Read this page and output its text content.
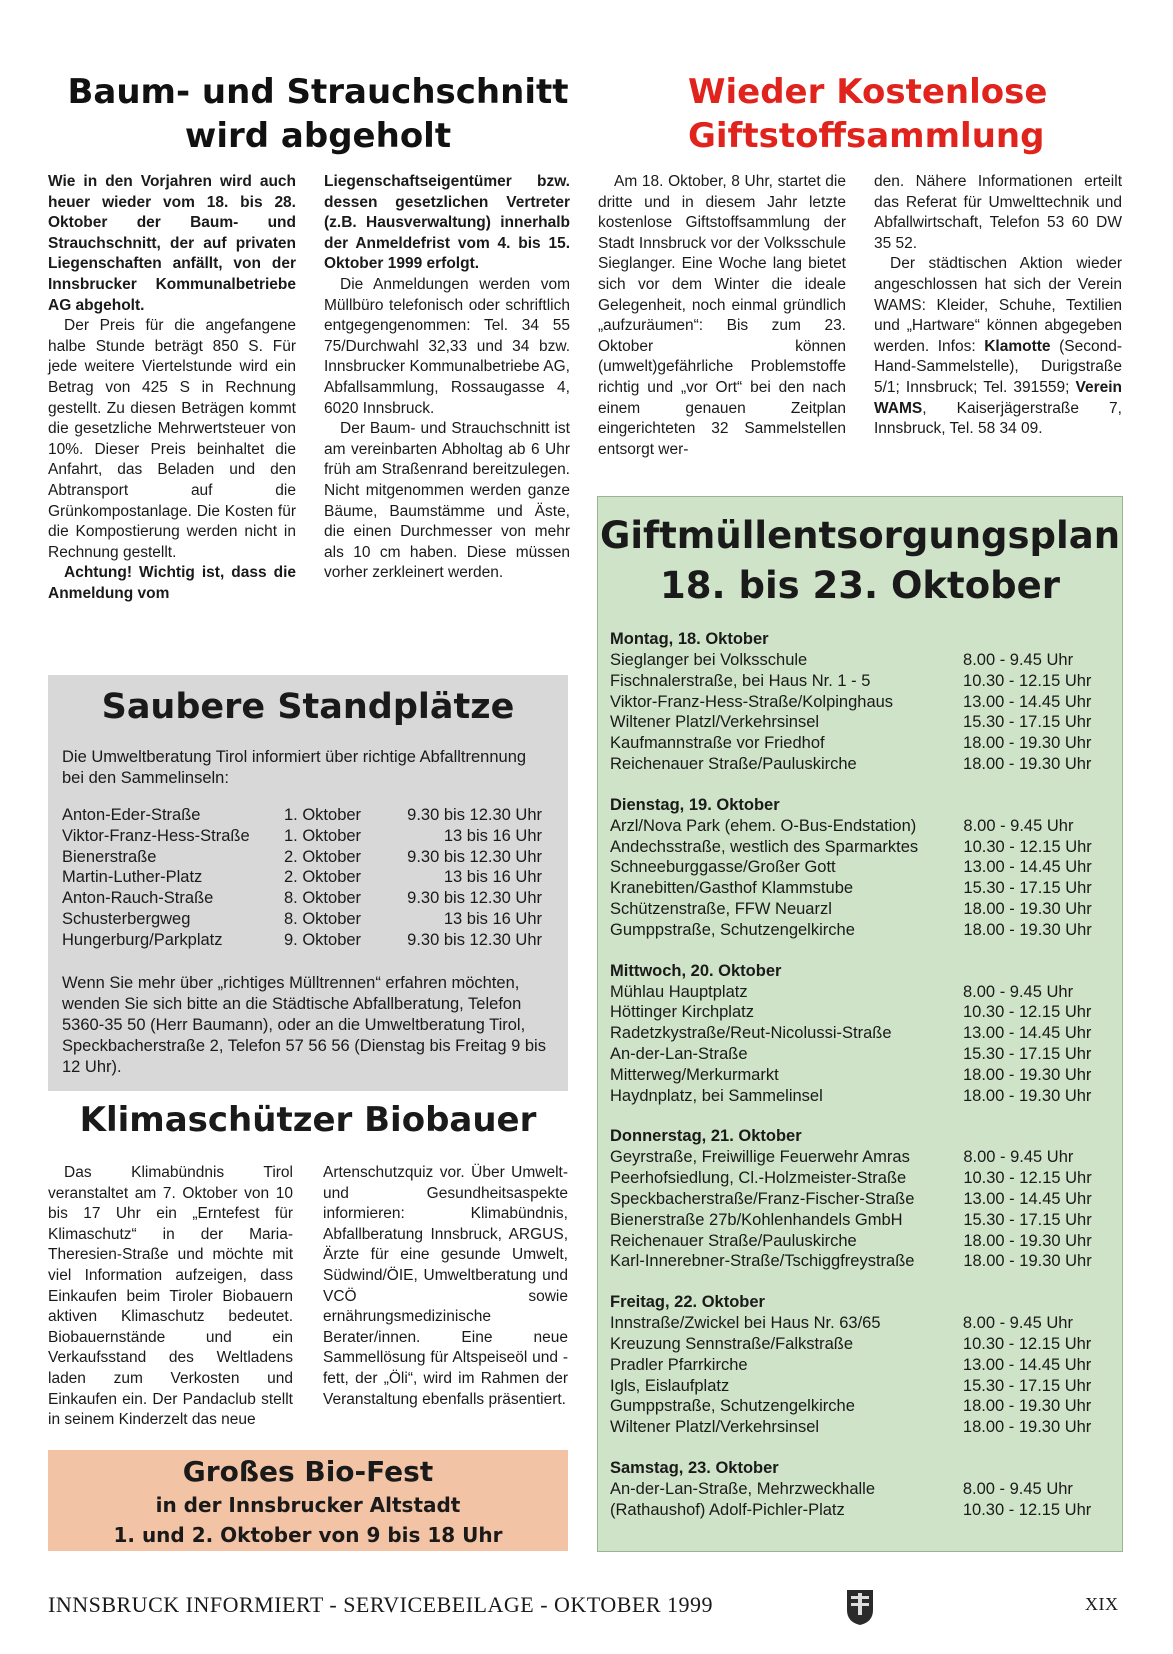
Baum- und Strauchschnitt
wird abgeholt

Wie in den Vorjahren wird auch heuer wieder vom 18. bis 28. Oktober der Baum- und Strauchschnitt, der auf privaten Liegenschaften anfällt, von der Innsbrucker Kommunalbetriebe AG abgeholt.

Der Preis für die angefangene halbe Stunde beträgt 850 S. Für jede weitere Viertelstunde wird ein Betrag von 425 S in Rechnung gestellt. Zu diesen Beträgen kommt die gesetzliche Mehrwertsteuer von 10%. Dieser Preis beinhaltet die Anfahrt, das Beladen und den Abtransport auf die Grünkompostanlage. Die Kosten für die Kompostierung werden nicht in Rechnung gestellt.

Achtung! Wichtig ist, dass die Anmeldung vom

Liegenschaftseigentümer bzw. dessen gesetzlichen Vertreter (z.B. Hausverwaltung) innerhalb der Anmeldefrist vom 4. bis 15. Oktober 1999 erfolgt.

Die Anmeldungen werden vom Müllbüro telefonisch oder schriftlich entgegengenommen: Tel. 34 55 75/Durchwahl 32,33 und 34 bzw. Innsbrucker Kommunalbetriebe AG, Abfallsammlung, Rossaugasse 4, 6020 Innsbruck.

Der Baum- und Strauchschnitt ist am vereinbarten Abholtag ab 6 Uhr früh am Straßenrand bereitzulegen. Nicht mitgenommen werden ganze Bäume, Baumstämme und Äste, die einen Durchmesser von mehr als 10 cm haben. Diese müssen vorher zerkleinert werden.

Wieder Kostenlose
Giftstoffsammlung

Am 18. Oktober, 8 Uhr, startet die dritte und in diesem Jahr letzte kostenlose Giftstoffsammlung der Stadt Innsbruck vor der Volksschule Sieglanger. Eine Woche lang bietet sich vor dem Winter die ideale Gelegenheit, noch einmal gründlich „aufzuräumen“: Bis zum 23. Oktober können (umwelt)gefährliche Problemstoffe richtig und „vor Ort“ bei den nach einem genauen Zeitplan eingerichteten 32 Sammelstellen entsorgt wer-

den. Nähere Informationen erteilt das Referat für Umwelttechnik und Abfallwirtschaft, Telefon 53 60 DW 35 52.

Der städtischen Aktion wieder angeschlossen hat sich der Verein WAMS: Kleider, Schuhe, Textilien und „Hartware“ können abgegeben werden. Infos: Klamotte (Second-Hand-Sammelstelle), Durigstraße 5/1; Innsbruck; Tel. 391559; Verein WAMS, Kaiserjägerstraße 7, Innsbruck, Tel. 58 34 09.

Saubere Standplätze
Die Umweltberatung Tirol informiert über richtige Abfalltrennung bei den Sammelinseln:
Anton-Eder-Straße	1. Oktober	9.30 bis 12.30 Uhr
Viktor-Franz-Hess-Straße	1. Oktober	13 bis 16 Uhr
Bienerstraße	2. Oktober	9.30 bis 12.30 Uhr
Martin-Luther-Platz	2. Oktober	13 bis 16 Uhr
Anton-Rauch-Straße	8. Oktober	9.30 bis 12.30 Uhr
Schusterbergweg	8. Oktober	13 bis 16 Uhr
Hungerburg/Parkplatz	9. Oktober	9.30 bis 12.30 Uhr
Wenn Sie mehr über „richtiges Mülltrennen“ erfahren möchten, wenden Sie sich bitte an die Städtische Abfallberatung, Telefon 5360-35 50 (Herr Baumann), oder an die Umweltberatung Tirol, Speckbacherstraße 2, Telefon 57 56 56 (Dienstag bis Freitag 9 bis 12 Uhr).
Klimaschützer Biobauer

Das Klimabündnis Tirol veranstaltet am 7. Oktober von 10 bis 17 Uhr ein „Erntefest für Klimaschutz“ in der Maria-Theresien-Straße und möchte mit viel Information aufzeigen, dass Einkaufen beim Tiroler Biobauern aktiven Klimaschutz bedeutet. Biobauernstände und ein Verkaufsstand des Weltladens laden zum Verkosten und Einkaufen ein. Der Pandaclub stellt in seinem Kinderzelt das neue

Artenschutzquiz vor. Über Umwelt- und Gesundheitsaspekte informieren: Klimabündnis, Abfallberatung Innsbruck, ARGUS, Ärzte für eine gesunde Umwelt, Südwind/ÖIE, Umweltberatung und VCÖ sowie ernährungsmedizinische Berater/innen. Eine neue Sammellösung für Altspeiseöl und -fett, der „Öli“, wird im Rahmen der Veranstaltung ebenfalls präsentiert.

Großes Bio-Fest
in der Innsbrucker Altstadt
1. und 2. Oktober von 9 bis 18 Uhr
Giftmüllentsorgungsplan
18. bis 23. Oktober
Montag, 18. Oktober
Sieglanger bei Volksschule	8.00 - 9.45 Uhr
Fischnalerstraße, bei Haus Nr. 1 - 5	10.30 - 12.15 Uhr
Viktor-Franz-Hess-Straße/Kolpinghaus	13.00 - 14.45 Uhr
Wiltener Platzl/Verkehrsinsel	15.30 - 17.15 Uhr
Kaufmannstraße vor Friedhof	18.00 - 19.30 Uhr
Reichenauer Straße/Pauluskirche	18.00 - 19.30 Uhr
Dienstag, 19. Oktober
Arzl/Nova Park (ehem. O-Bus-Endstation)	8.00 - 9.45 Uhr
Andechsstraße, westlich des Sparmarktes	10.30 - 12.15 Uhr
Schneeburggasse/Großer Gott	13.00 - 14.45 Uhr
Kranebitten/Gasthof Klammstube	15.30 - 17.15 Uhr
Schützenstraße, FFW Neuarzl	18.00 - 19.30 Uhr
Gumppstraße, Schutzengelkirche	18.00 - 19.30 Uhr
Mittwoch, 20. Oktober
Mühlau Hauptplatz	8.00 - 9.45 Uhr
Höttinger Kirchplatz	10.30 - 12.15 Uhr
Radetzkystraße/Reut-Nicolussi-Straße	13.00 - 14.45 Uhr
An-der-Lan-Straße	15.30 - 17.15 Uhr
Mitterweg/Merkurmarkt	18.00 - 19.30 Uhr
Haydnplatz, bei Sammelinsel	18.00 - 19.30 Uhr
Donnerstag, 21. Oktober
Geyrstraße, Freiwillige Feuerwehr Amras	8.00 - 9.45 Uhr
Peerhofsiedlung, Cl.-Holzmeister-Straße	10.30 - 12.15 Uhr
Speckbacherstraße/Franz-Fischer-Straße	13.00 - 14.45 Uhr
Bienerstraße 27b/Kohlenhandels GmbH	15.30 - 17.15 Uhr
Reichenauer Straße/Pauluskirche	18.00 - 19.30 Uhr
Karl-Innerebner-Straße/Tschiggfreystraße	18.00 - 19.30 Uhr
Freitag, 22. Oktober
Innstraße/Zwickel bei Haus Nr. 63/65	8.00 - 9.45 Uhr
Kreuzung Sennstraße/Falkstraße	10.30 - 12.15 Uhr
Pradler Pfarrkirche	13.00 - 14.45 Uhr
Igls, Eislaufplatz	15.30 - 17.15 Uhr
Gumppstraße, Schutzengelkirche	18.00 - 19.30 Uhr
Wiltener Platzl/Verkehrsinsel	18.00 - 19.30 Uhr
Samstag, 23. Oktober
An-der-Lan-Straße, Mehrzweckhalle	8.00 - 9.45 Uhr
(Rathaushof) Adolf-Pichler-Platz	10.30 - 12.15 Uhr
INNSBRUCK INFORMIERT - SERVICEBEILAGE - OKTOBER 1999	XIX
